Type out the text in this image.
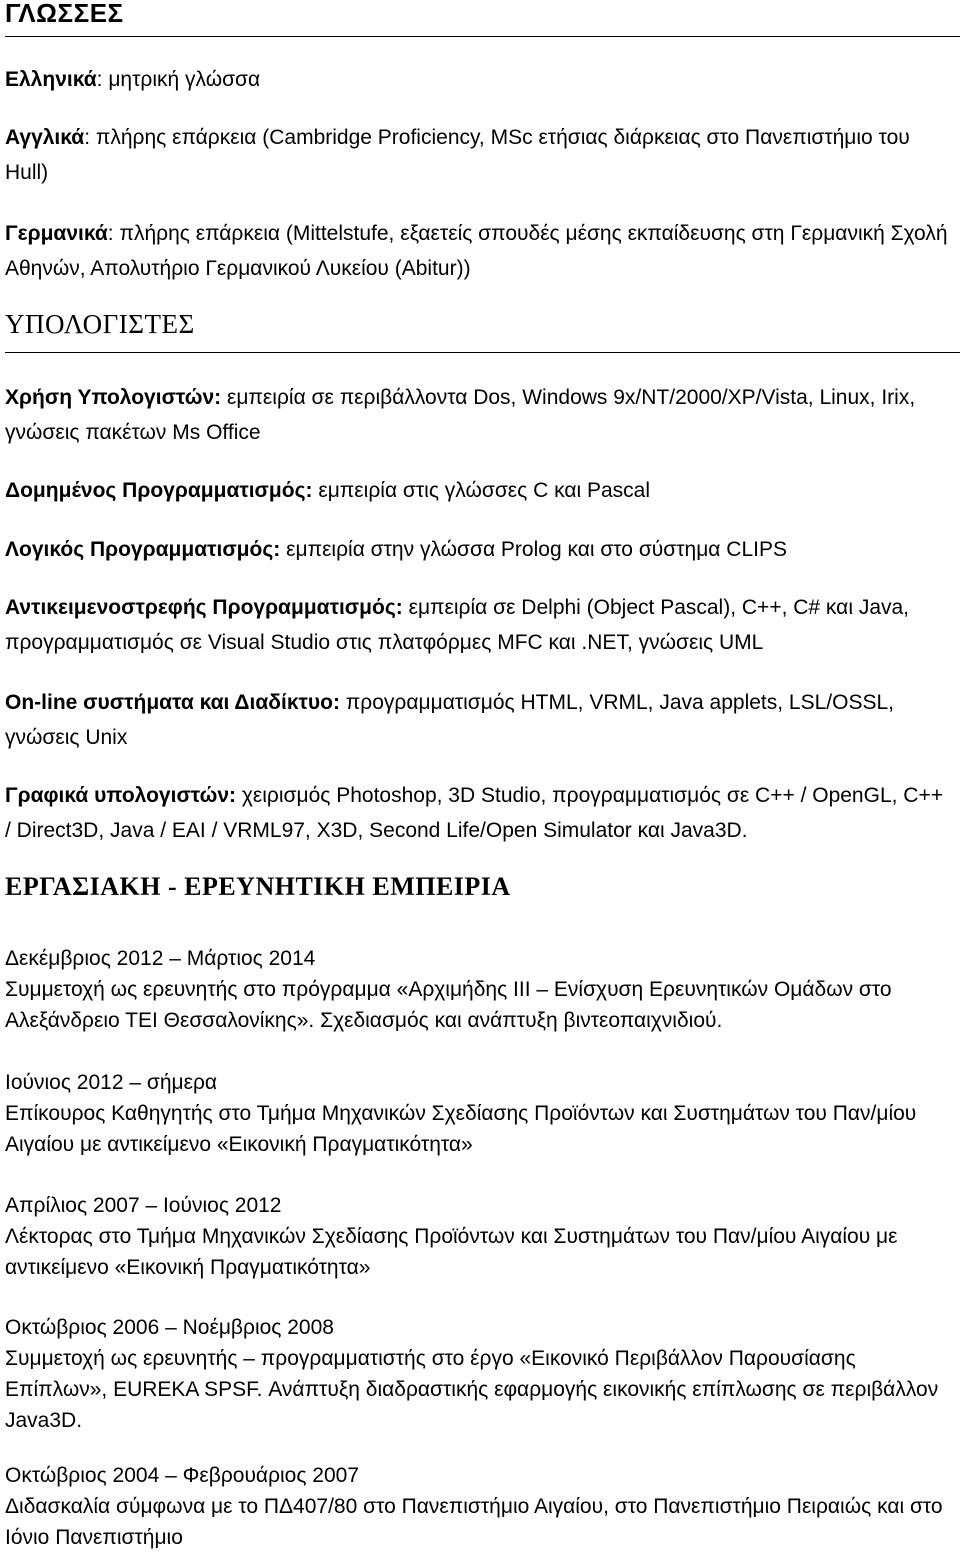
ΓΛΩΣΣΕΣ

Ελληνικά: μητρική γλώσσα

Αγγλικά: πλήρης επάρκεια (Cambridge Proficiency, MSc ετήσιας διάρκειας στο Πανεπιστήμιο του Hull)

Γερμανικά: πλήρης επάρκεια (Mittelstufe, εξαετείς σπουδές μέσης εκπαίδευσης στη Γερμανική Σχολή Αθηνών, Απολυτήριο Γερμανικού Λυκείου (Abitur))

ΥΠΟΛΟΓΙΣΤΕΣ

Χρήση Υπολογιστών: εμπειρία σε περιβάλλοντα Dos, Windows 9x/NT/2000/XP/Vista, Linux, Irix, γνώσεις πακέτων Ms Office

Δομημένος Προγραμματισμός: εμπειρία στις γλώσσες C και Pascal

Λογικός Προγραμματισμός: εμπειρία στην γλώσσα Prolog και στο σύστημα CLIPS

Αντικειμενοστρεφής Προγραμματισμός: εμπειρία σε Delphi (Object Pascal), C++, C# και Java, προγραμματισμός σε Visual Studio στις πλατφόρμες MFC και .NET, γνώσεις UML

On-line συστήματα και Διαδίκτυο: προγραμματισμός HTML, VRML, Java applets, LSL/OSSL, γνώσεις Unix

Γραφικά υπολογιστών: χειρισμός Photoshop, 3D Studio, προγραμματισμός σε C++ / OpenGL, C++ / Direct3D, Java / EAI / VRML97, X3D, Second Life/Open Simulator και Java3D.

ΕΡΓΑΣΙΑΚΗ - ΕΡΕΥΝΗΤΙΚΗ ΕΜΠΕΙΡΙΑ
Δεκέμβριος 2012 – Μάρτιος 2014
Συμμετοχή ως ερευνητής στο πρόγραμμα «Αρχιμήδης ΙΙΙ – Ενίσχυση Ερευνητικών Ομάδων στο Αλεξάνδρειο ΤΕΙ Θεσσαλονίκης». Σχεδιασμός και ανάπτυξη βιντεοπαιχνιδιού.
Ιούνιος 2012 – σήμερα
Επίκουρος Καθηγητής στο Τμήμα Μηχανικών Σχεδίασης Προϊόντων και Συστημάτων του Παν/μίου Αιγαίου με αντικείμενο «Εικονική Πραγματικότητα»
Απρίλιος 2007 – Ιούνιος 2012
Λέκτορας στο Τμήμα Μηχανικών Σχεδίασης Προϊόντων και Συστημάτων του Παν/μίου Αιγαίου με αντικείμενο «Εικονική Πραγματικότητα»
Οκτώβριος 2006 – Νοέμβριος 2008
Συμμετοχή ως ερευνητής – προγραμματιστής στο έργο «Εικονικό Περιβάλλον Παρουσίασης Επίπλων», EUREKA SPSF. Ανάπτυξη διαδραστικής εφαρμογής εικονικής επίπλωσης σε περιβάλλον Java3D.
Οκτώβριος 2004 – Φεβρουάριος 2007
Διδασκαλία σύμφωνα με το ΠΔ407/80 στο Πανεπιστήμιο Αιγαίου, στο Πανεπιστήμιο Πειραιώς και στο Ιόνιο Πανεπιστήμιο
